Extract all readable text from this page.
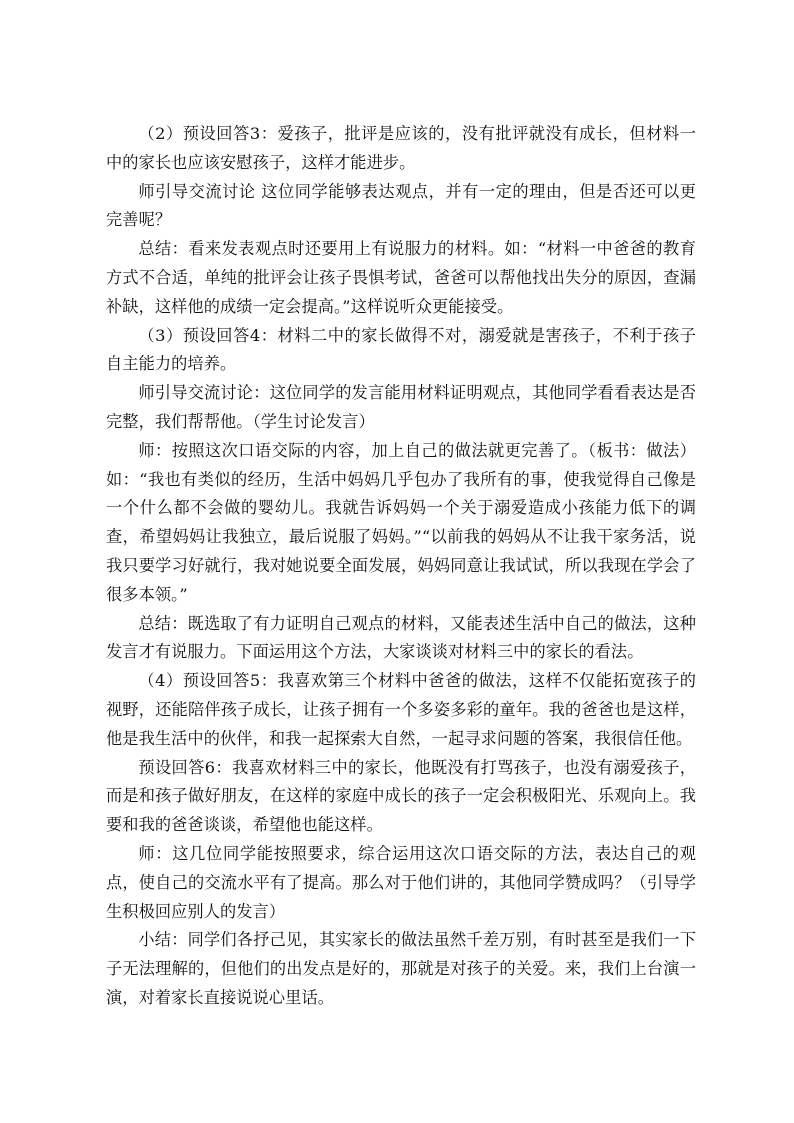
（2）预设回答3：爱孩子，批评是应该的，没有批评就没有成长，但材料一中的家长也应该安慰孩子，这样才能进步。

师引导交流讨论 这位同学能够表达观点，并有一定的理由，但是否还可以更完善呢？

总结：看来发表观点时还要用上有说服力的材料。如：“材料一中爸爸的教育方式不合适，单纯的批评会让孩子畏惧考试，爸爸可以帮他找出失分的原因，查漏补缺，这样他的成绩一定会提高。”这样说听众更能接受。

（3）预设回答4：材料二中的家长做得不对，溺爱就是害孩子，不利于孩子自主能力的培养。

师引导交流讨论：这位同学的发言能用材料证明观点，其他同学看看表达是否完整，我们帮帮他。（学生讨论发言）

师：按照这次口语交际的内容，加上自己的做法就更完善了。（板书：做法）如：“我也有类似的经历，生活中妈妈几乎包办了我所有的事，使我觉得自己像是一个什么都不会做的婴幼儿。我就告诉妈妈一个关于溺爱造成小孩能力低下的调查，希望妈妈让我独立，最后说服了妈妈。”“以前我的妈妈从不让我干家务活，说我只要学习好就行，我对她说要全面发展，妈妈同意让我试试，所以我现在学会了很多本领。”

总结：既选取了有力证明自己观点的材料，又能表述生活中自己的做法，这种发言才有说服力。下面运用这个方法，大家谈谈对材料三中的家长的看法。

（4）预设回答5：我喜欢第三个材料中爸爸的做法，这样不仅能拓宽孩子的视野，还能陪伴孩子成长，让孩子拥有一个多姿多彩的童年。我的爸爸也是这样，他是我生活中的伙伴，和我一起探索大自然，一起寻求问题的答案，我很信任他。

预设回答6：我喜欢材料三中的家长，他既没有打骂孩子，也没有溺爱孩子，而是和孩子做好朋友，在这样的家庭中成长的孩子一定会积极阳光、乐观向上。我要和我的爸爸谈谈，希望他也能这样。

师：这几位同学能按照要求，综合运用这次口语交际的方法，表达自己的观点，使自己的交流水平有了提高。那么对于他们讲的，其他同学赞成吗？（引导学生积极回应别人的发言）

小结：同学们各抒己见，其实家长的做法虽然千差万别，有时甚至是我们一下子无法理解的，但他们的出发点是好的，那就是对孩子的关爱。来，我们上台演一演，对着家长直接说说心里话。
